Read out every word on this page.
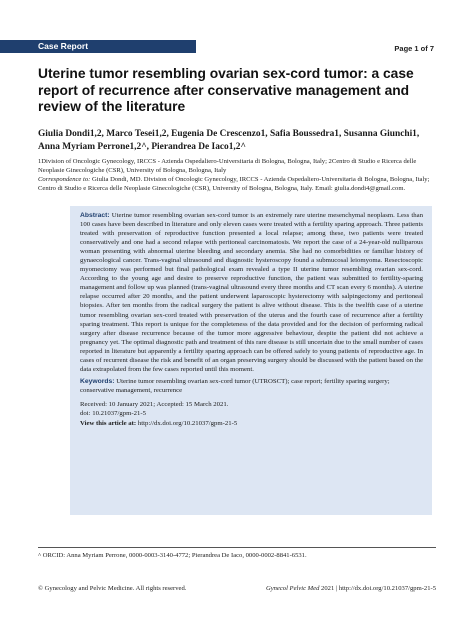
Case Report	Page 1 of 7
Uterine tumor resembling ovarian sex-cord tumor: a case report of recurrence after conservative management and review of the literature
Giulia Dondi1,2, Marco Tesei1,2, Eugenia De Crescenzo1, Safia Boussedra1, Susanna Giunchi1, Anna Myriam Perrone1,2^, Pierandrea De Iaco1,2^

1Division of Oncologic Gynecology, IRCCS - Azienda Ospedaliero-Universitaria di Bologna, Bologna, Italy; 2Centro di Studio e Ricerca delle Neoplasie Ginecologiche (CSR), University of Bologna, Bologna, Italy

Correspondence to: Giulia Dondi, MD. Division of Oncologic Gynecology, IRCCS - Azienda Ospedaliero-Universitaria di Bologna, Bologna, Italy; Centro di Studio e Ricerca delle Neoplasie Ginecologiche (CSR), University of Bologna, Bologna, Italy. Email: giulia.dondi4@gmail.com.

Abstract: Uterine tumor resembling ovarian sex-cord tumor is an extremely rare uterine mesenchymal neoplasm. Less than 100 cases have been described in literature and only eleven cases were treated with a fertility sparing approach. Three patients treated with preservation of reproductive function presented a local relapse; among these, two patients were treated conservatively and one had a second relapse with peritoneal carcinomatosis. We report the case of a 24-year-old nulliparous woman presenting with abnormal uterine bleeding and secondary anemia. She had no comorbidities or familiar history of gynaecological cancer. Trans-vaginal ultrasound and diagnostic hysteroscopy found a submucosal leiomyoma. Resectoscopic myomectomy was performed but final pathological exam revealed a type II uterine tumor resembling ovarian sex-cord. According to the young age and desire to preserve reproductive function, the patient was submitted to fertility-sparing management and follow up was planned (trans-vaginal ultrasound every three months and CT scan every 6 months). A uterine relapse occurred after 20 months, and the patient underwent laparoscopic hysterectomy with salpingectomy and peritoneal biopsies. After ten months from the radical surgery the patient is alive without disease. This is the twelfth case of a uterine tumor resembling ovarian sex-cord treated with preservation of the uterus and the fourth case of recurrence after a fertility sparing treatment. This report is unique for the completeness of the data provided and for the decision of performing radical surgery after disease recurrence because of the tumor more aggressive behaviour, despite the patient did not achieve a pregnancy yet. The optimal diagnostic path and treatment of this rare disease is still uncertain due to the small number of cases reported in literature but apparently a fertility sparing approach can be offered safely to young patients of reproductive age. In cases of recurrent disease the risk and benefit of an organ preserving surgery should be discussed with the patient based on the data extrapolated from the few cases reported until this moment.

Keywords: Uterine tumor resembling ovarian sex-cord tumor (UTROSCT); case report; fertility sparing surgery; conservative management, recurrence

Received: 10 January 2021; Accepted: 15 March 2021.
doi: 10.21037/gpm-21-5
View this article at: http://dx.doi.org/10.21037/gpm-21-5
^ ORCID: Anna Myriam Perrone, 0000-0003-3140-4772; Pierandrea De Iaco, 0000-0002-8841-6531.
© Gynecology and Pelvic Medicine. All rights reserved.	Gynecol Pelvic Med 2021 | http://dx.doi.org/10.21037/gpm-21-5
